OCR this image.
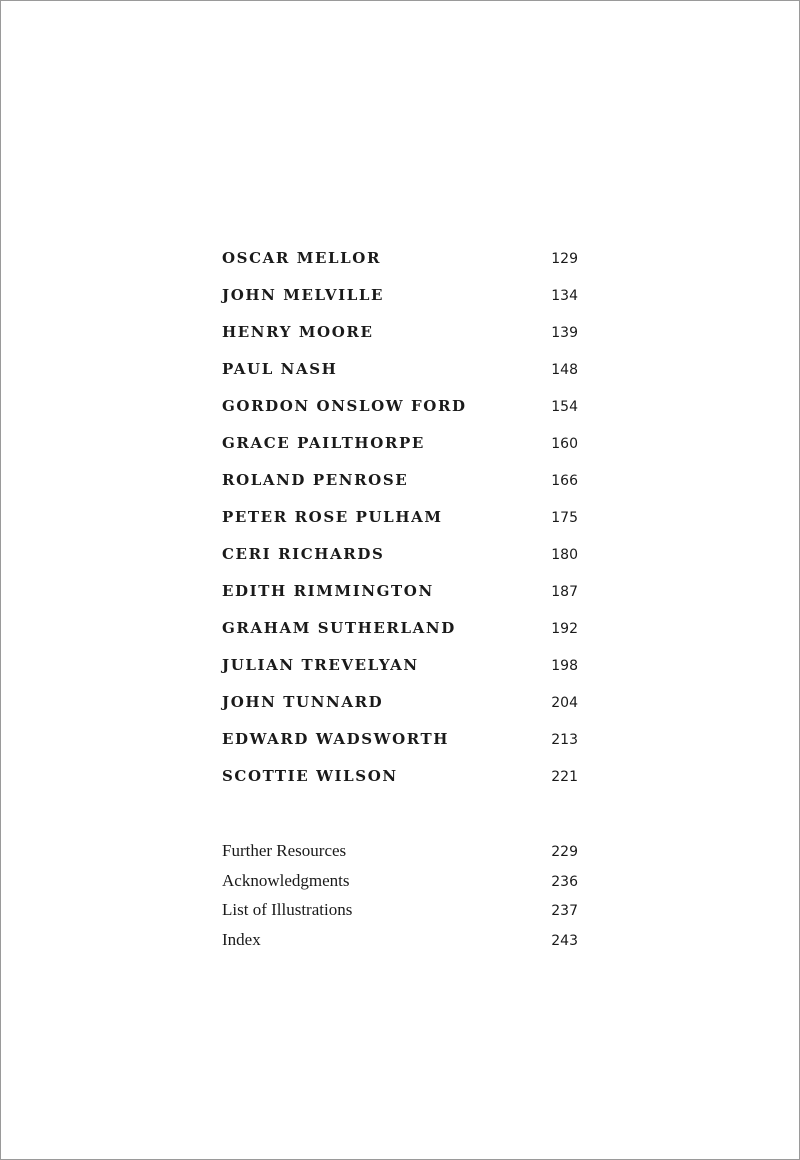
OSCAR MELLOR	129
JOHN MELVILLE	134
HENRY MOORE	139
PAUL NASH	148
GORDON ONSLOW FORD	154
GRACE PAILTHORPE	160
ROLAND PENROSE	166
PETER ROSE PULHAM	175
CERI RICHARDS	180
EDITH RIMMINGTON	187
GRAHAM SUTHERLAND	192
JULIAN TREVELYAN	198
JOHN TUNNARD	204
EDWARD WADSWORTH	213
SCOTTIE WILSON	221
Further Resources	229
Acknowledgments	236
List of Illustrations	237
Index	243
